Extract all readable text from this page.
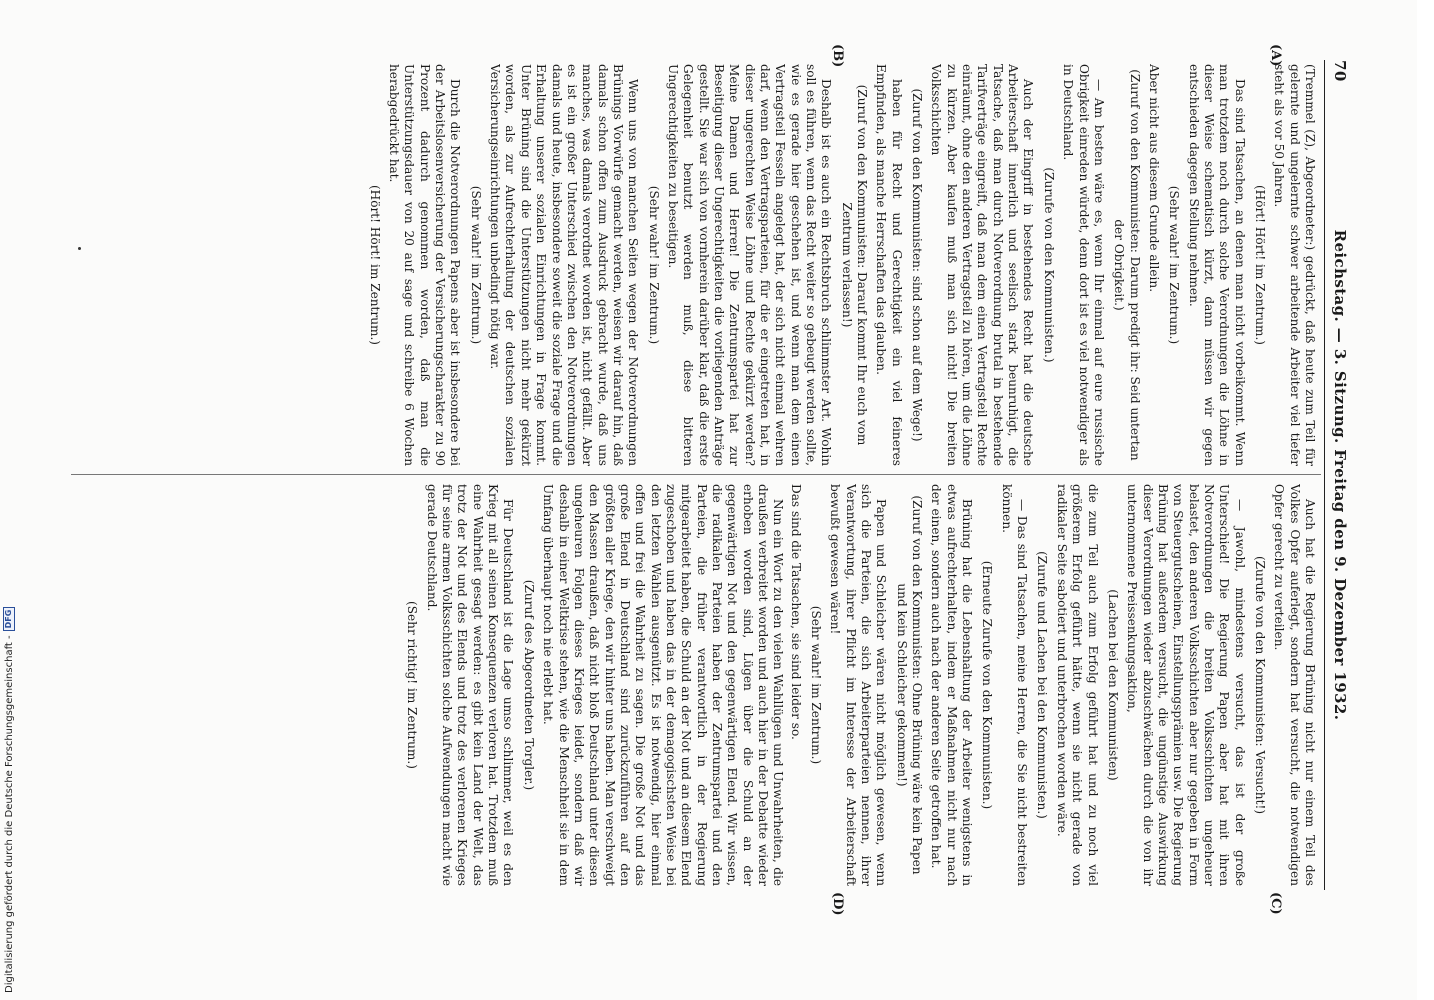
70
Reichstag. — 3. Sitzung. Freitag den 9. Dezember 1932.
(A)
(B)
(C)
(D)

(Tremmel (Z), Abgeordneter:) gedrückt, daß heute zum Teil für gelernte und ungelernte schwer arbeitende Arbeiter viel tiefer steht als vor 50 Jahren.

(Hört! Hört! im Zentrum.)

Das sind Tatsachen, an denen man nicht vorbeikommt. Wenn man trotzdem noch durch solche Verordnungen die Löhne in dieser Weise schematisch kürzt, dann müssen wir gegen entschieden dagegen Stellung nehmen.

(Sehr wahr! im Zentrum.)

Aber nicht aus diesem Grunde allein.

(Zuruf von den Kommunisten: Darum predigt ihr: Seid untertan der Obrigkeit.)

— Am besten wäre es, wenn Ihr einmal auf eure russische Obrigkeit einreden würdet, denn dort ist es viel notwendiger als in Deutschland.

(Zurufe von den Kommunisten.)

Auch der Eingriff in bestehendes Recht hat die deutsche Arbeiterschaft innerlich und seelisch stark beunruhigt, die Tatsache, daß man durch Notverordnung brutal in bestehende Tarifverträge eingreift, daß man dem einen Vertragsteil Rechte einräumt, ohne den anderen Vertragsteil zu hören, um die Löhne zu kürzen. Aber kaufen muß man sich nicht! Die breiten Volksschichten

(Zuruf von den Kommunisten: sind schon auf dem Wege!)

haben für Recht und Gerechtigkeit ein viel feineres Empfinden, als manche Herrschaften das glauben.

(Zuruf von den Kommunisten: Darauf kommt Ihr euch vom Zentrum verlassen!)

Deshalb ist es auch ein Rechtsbruch schlimmster Art. Wohin soll es führen, wenn das Recht weiter so gebeugt werden sollte, wie es gerade hier geschehen ist, und wenn man dem einen Vertragsteil Fesseln angelegt hat, der sich nicht einmal wehren darf, wenn den Vertragsparteien, für die er eingetreten hat, in dieser ungerechten Weise Löhne und Rechte gekürzt werden? Meine Damen und Herren! Die Zentrumspartei hat zur Beseitigung dieser Ungerechtigkeiten die vorliegenden Anträge gestellt. Sie war sich von vornherein darüber klar, daß die erste Gelegenheit benutzt werden muß, diese bitteren Ungerechtigkeiten zu beseitigen.

(Sehr wahr! im Zentrum.)

Wenn uns von manchen Seiten wegen der Notverordnungen Brünings Vorwürfe gemacht werden, weisen wir darauf hin, daß damals schon offen zum Ausdruck gebracht wurde, daß uns manches, was damals verordnet worden ist, nicht gefällt. Aber es ist ein großer Unterschied zwischen den Notverordnungen damals und heute, insbesondere soweit die soziale Frage und die Erhaltung unserer sozialen Einrichtungen in Frage kommt. Unter Brüning sind die Unterstützungen nicht mehr gekürzt worden, als zur Aufrechterhaltung der deutschen sozialen Versicherungseinrichtungen unbedingt nötig war.

(Sehr wahr! im Zentrum.)

Durch die Notverordnungen Papens aber ist insbesondere bei der Arbeitslosenversicherung der Versicherungscharakter zu 90 Prozent dadurch genommen worden, daß man die Unterstützungsdauer von 20 auf sage und schreibe 6 Wochen herabgedrückt hat.

(Hört! Hört! im Zentrum.)

Auch hat die Regierung Brüning nicht nur einem Teil des Volkes Opfer auferlegt, sondern hat versucht, die notwendigen Opfer gerecht zu verteilen.

(Zurufe von den Kommunisten: Versucht!)

— Jawohl, mindestens versucht, das ist der große Unterschied! Die Regierung Papen aber hat mit ihren Notverordnungen die breiten Volksschichten ungeheuer belastet, den anderen Volksschichten aber nur gegeben in Form von Steuergutscheinen, Einstellungsprämien usw. Die Regierung Brüning hat außerdem versucht, die ungünstige Auswirkung dieser Verordnungen wieder abzuschwächen durch die von ihr unternommene Preissenkungsaktion,

(Lachen bei den Kommunisten)

die zum Teil auch zum Erfolg geführt hat und zu noch viel größerem Erfolg geführt hätte, wenn sie nicht gerade von radikaler Seite sabotiert und unterbrochen worden wäre.

(Zurufe und Lachen bei den Kommunisten.)

— Das sind Tatsachen, meine Herren, die Sie nicht bestreiten können.

(Erneute Zurufe von den Kommunisten.)

Brüning hat die Lebenshaltung der Arbeiter wenigstens in etwas aufrechterhalten, indem er Maßnahmen nicht nur nach der einen, sondern auch nach der anderen Seite getroffen hat.

(Zuruf von den Kommunisten: Ohne Brüning wäre kein Papen und kein Schleicher gekommen!)

Papen und Schleicher wären nicht möglich gewesen, wenn sich die Parteien, die sich Arbeiterparteien nennen, ihrer Verantwortung, ihrer Pflicht im Interesse der Arbeiterschaft bewußt gewesen wären!

(Sehr wahr! im Zentrum.)

Das sind die Tatsachen, sie sind leider so.

Nun ein Wort zu den vielen Wahllügen und Unwahrheiten, die draußen verbreitet worden und auch hier in der Debatte wieder erhoben worden sind, Lügen über die Schuld an der gegenwärtigen Not und den gegenwärtigen Elend. Wir wissen, die radikalen Parteien haben der Zentrumspartei und den Parteien, die früher verantwortlich in der Regierung mitgearbeitet haben, die Schuld an der Not und an diesem Elend zugeschoben und haben das in der demagogischsten Weise bei den letzten Wahlen ausgenützt. Es ist notwendig, hier einmal offen und frei die Wahrheit zu sagen. Die große Not und das große Elend in Deutschland sind zurückzuführen auf den größten aller Kriege, den wir hinter uns haben. Man verschweigt den Massen draußen, daß nicht bloß Deutschland unter diesen ungeheuren Folgen dieses Krieges leidet, sondern daß wir deshalb in einer Weltkrise stehen, wie die Menschheit sie in dem Umfang überhaupt noch nie erlebt hat.

(Zuruf des Abgeordneten Torgler.)

Für Deutschland ist die Lage umso schlimmer, weil es den Krieg mit all seinen Konsequenzen verloren hat. Trotzdem muß eine Wahrheit gesagt werden: es gibt kein Land der Welt, das trotz der Not und des Elends und trotz des verlorenen Krieges für seine armen Volksschichten solche Aufwendungen macht wie gerade Deutschland.

(Sehr richtig! im Zentrum.)

Digitalisierung gefördert durch die Deutsche Forschungsgemeinschaft -
DFG
